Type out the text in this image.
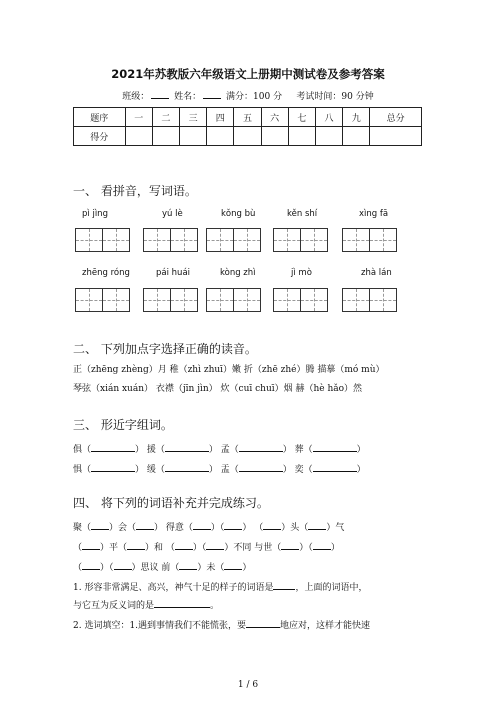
2021年苏教版六年级语文上册期中测试卷及参考答案
班级：	姓名：	满分：100 分 考试时间：90 分钟
题序	一	二	三	四	五	六	七	八	九	总分
得分										
一、 看拼音，写词语。
pì jìng	yú lè	kǒng bù	kěn shí	xìng fā
zhēng róng	pái huái	kòng zhì	jì mò	zhà lán
二、 下列加点字选择正确的读音。
正（zhēng zhèng）月 稚（zhì zhuī）嫩 折（zhē zhé）腾 描摹（mó mù）
琴弦（xián xuán） 衣襟（jīn jìn） 炊（cuī chuī）烟 赫（hè hǎo）然
三、 形近字组词。
俱（	） 援（	） 孟（	） 葬（	）
惧（	） 缓（	） 盂（	） 奕（	）
四、 将下列的词语补充并完成练习。
聚（ ）会（ ） 得意（ ）（ ） （ ）头（ ）气
（ ）平（ ）和 （ ）（ ）不同 与世（ ）（ ）
（ ）（ ）思议 前（ ）未（ ）
1. 形容非常满足、高兴，神气十足的样子的词语是 ，上面的词语中，
与它互为反义词的是	。
2. 选词填空：1.遇到事情我们不能慌张，要	地应对，这样才能快速
1 / 6
